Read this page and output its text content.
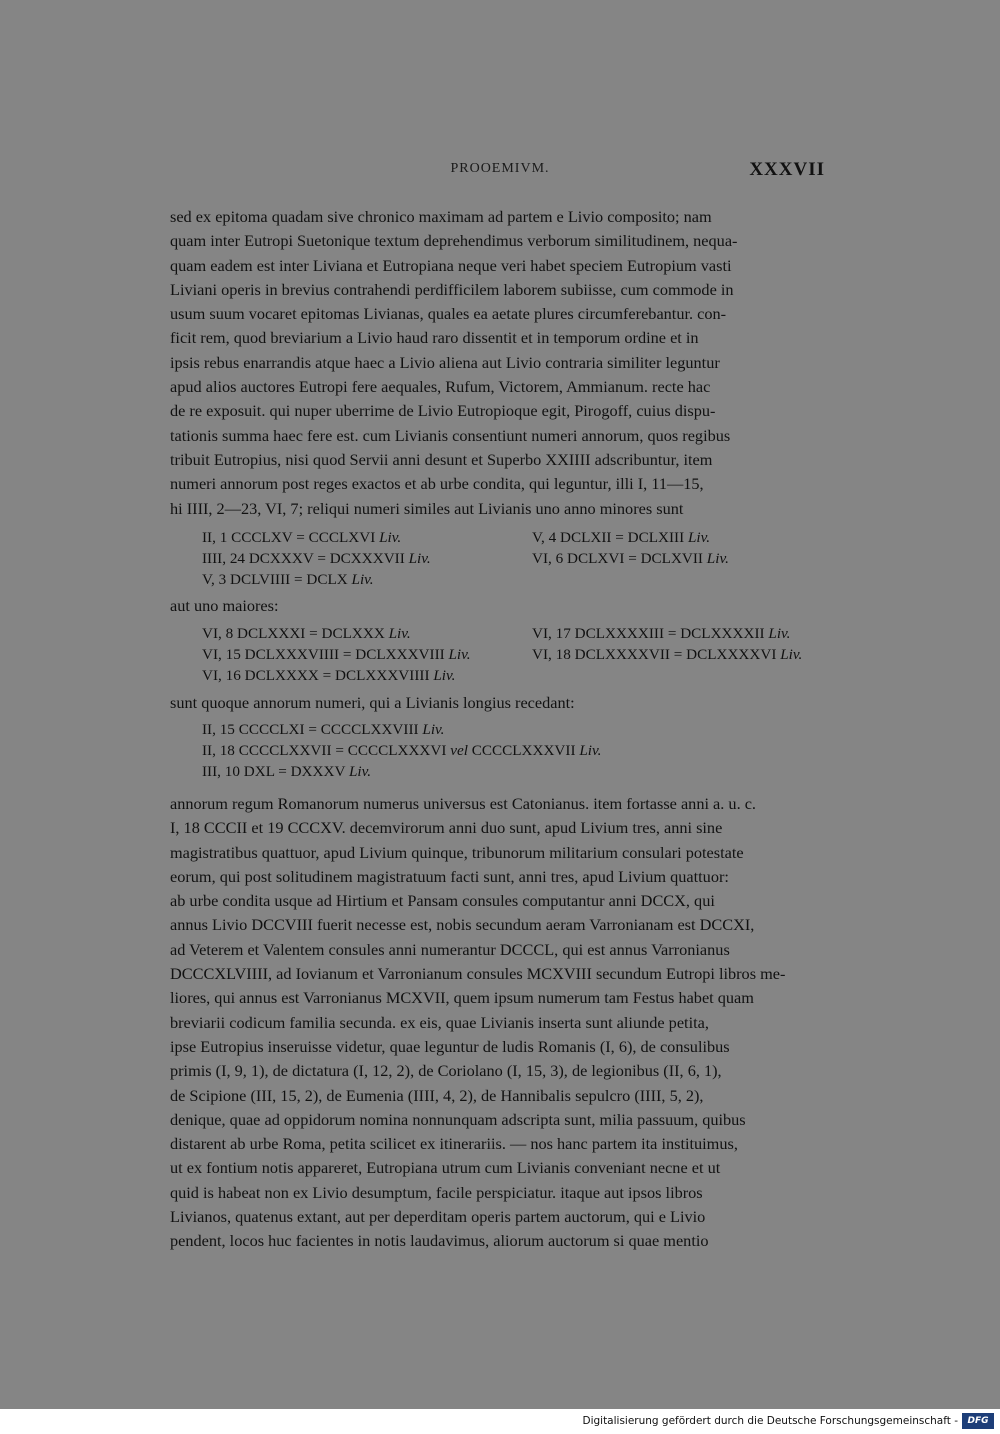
PROOEMIVM.	XXXVII
sed ex epitoma quadam sive chronico maximam ad partem e Livio composito; nam
quam inter Eutropi Suetonique textum deprehendimus verborum similitudinem, nequa-
quam eadem est inter Liviana et Eutropiana neque veri habet speciem Eutropium vasti
Liviani operis in brevius contrahendi perdifficilem laborem subiisse, cum commode in
usum suum vocaret epitomas Livianas, quales ea aetate plures circumferebantur. con-
ficit rem, quod breviarium a Livio haud raro dissentit et in temporum ordine et in
ipsis rebus enarrandis atque haec a Livio aliena aut Livio contraria similiter leguntur
apud alios auctores Eutropi fere aequales, Rufum, Victorem, Ammianum. recte hac
de re exposuit. qui nuper uberrime de Livio Eutropioque egit, Pirogoff, cuius dispu-
tationis summa haec fere est. cum Livianis consentiunt numeri annorum, quos regibus
tribuit Eutropius, nisi quod Servii anni desunt et Superbo XXIIII adscribuntur, item
numeri annorum post reges exactos et ab urbe condita, qui leguntur, illi I, 11—15,
hi IIII, 2—23, VI, 7; reliqui numeri similes aut Livianis uno anno minores sunt
II, 1 CCCLXV = CCCLXVI Liv.
IIII, 24 DCXXXV = DCXXXVII Liv.
V, 3 DCLVIIII = DCLX Liv.
V, 4 DCLXII = DCLXIII Liv.
VI, 6 DCLXVI = DCLXVII Liv.
aut uno maiores:
VI, 8 DCLXXXI = DCLXXX Liv.
VI, 15 DCLXXXVIIII = DCLXXXVIII Liv.
VI, 16 DCLXXXX = DCLXXXVIIII Liv.
VI, 17 DCLXXXXIII = DCLXXXXII Liv.
VI, 18 DCLXXXXVII = DCLXXXXVI Liv.
sunt quoque annorum numeri, qui a Livianis longius recedant:
II, 15 CCCCLXI = CCCCLXXVIII Liv.
II, 18 CCCCLXXVII = CCCCLXXXVI vel CCCCLXXXVII Liv.
III, 10 DXL = DXXXV Liv.
annorum regum Romanorum numerus universus est Catonianus. item fortasse anni a. u. c.
I, 18 CCCII et 19 CCCXV. decemvirorum anni duo sunt, apud Livium tres, anni sine
magistratibus quattuor, apud Livium quinque, tribunorum militarium consulari potestate
eorum, qui post solitudinem magistratuum facti sunt, anni tres, apud Livium quattuor:
ab urbe condita usque ad Hirtium et Pansam consules computantur anni DCCX, qui
annus Livio DCCVIII fuerit necesse est, nobis secundum aeram Varronianam est DCCXI,
ad Veterem et Valentem consules anni numerantur DCCCL, qui est annus Varronianus
DCCCXLVIIII, ad Iovianum et Varronianum consules MCXVIII secundum Eutropi libros me-
liores, qui annus est Varronianus MCXVII, quem ipsum numerum tam Festus habet quam
breviarii codicum familia secunda. ex eis, quae Livianis inserta sunt aliunde petita,
ipse Eutropius inseruisse videtur, quae leguntur de ludis Romanis (I, 6), de consulibus
primis (I, 9, 1), de dictatura (I, 12, 2), de Coriolano (I, 15, 3), de legionibus (II, 6, 1),
de Scipione (III, 15, 2), de Eumenia (IIII, 4, 2), de Hannibalis sepulcro (IIII, 5, 2),
denique, quae ad oppidorum nomina nonnunquam adscripta sunt, milia passuum, quibus
distarent ab urbe Roma, petita scilicet ex itinerariis. — nos hanc partem ita instituimus,
ut ex fontium notis appareret, Eutropiana utrum cum Livianis conveniant necne et ut
quid is habeat non ex Livio desumptum, facile perspiciatur. itaque aut ipsos libros
Livianos, quatenus extant, aut per deperditam operis partem auctorum, qui e Livio
pendent, locos huc facientes in notis laudavimus, aliorum auctorum si quae mentio
Digitalisierung gefördert durch die Deutsche Forschungsgemeinschaft -	DFG
